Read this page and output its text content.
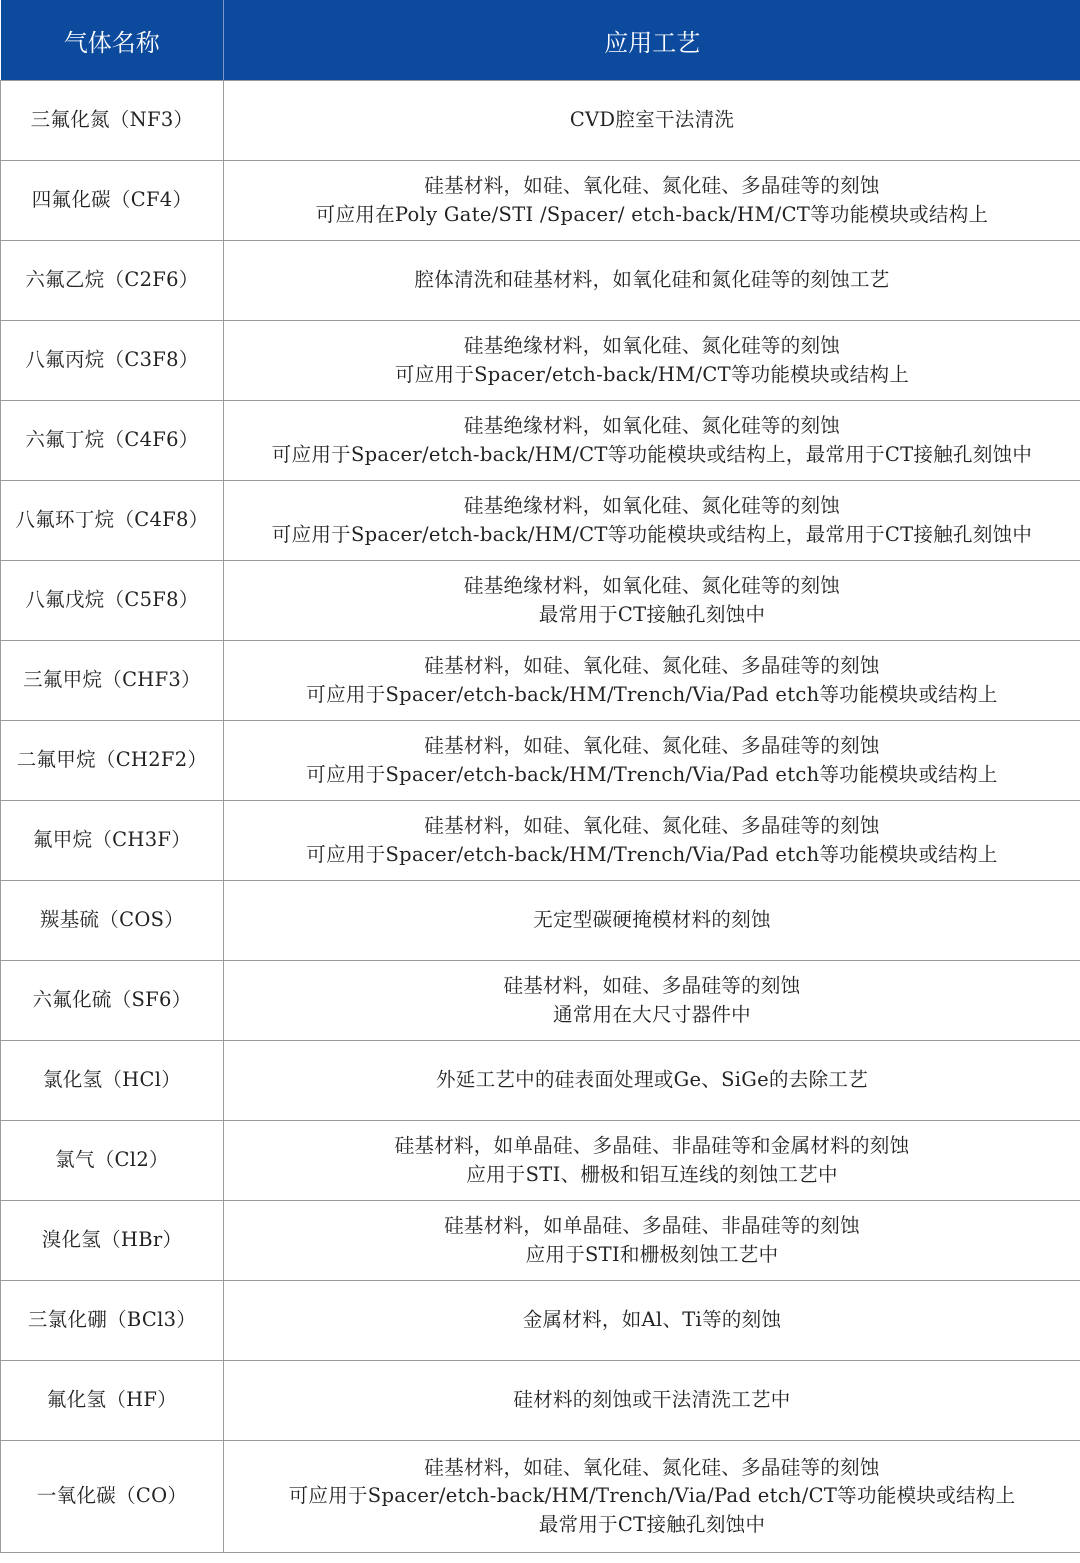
气体名称	应用工艺
三氟化氮（NF3）	CVD腔室干法清洗

四氟化碳（CF4）	硅基材料，如硅、氧化硅、氮化硅、多晶硅等的刻蚀
可应用在Poly Gate/STI /Spacer/ etch-back/HM/CT等功能模块或结构上

六氟乙烷（C2F6）	腔体清洗和硅基材料，如氧化硅和氮化硅等的刻蚀工艺

八氟丙烷（C3F8）	硅基绝缘材料，如氧化硅、氮化硅等的刻蚀
可应用于Spacer/etch-back/HM/CT等功能模块或结构上

六氟丁烷（C4F6）	硅基绝缘材料，如氧化硅、氮化硅等的刻蚀
可应用于Spacer/etch-back/HM/CT等功能模块或结构上，最常用于CT接触孔刻蚀中

八氟环丁烷（C4F8）	硅基绝缘材料，如氧化硅、氮化硅等的刻蚀
可应用于Spacer/etch-back/HM/CT等功能模块或结构上，最常用于CT接触孔刻蚀中

八氟戊烷（C5F8）	硅基绝缘材料，如氧化硅、氮化硅等的刻蚀
最常用于CT接触孔刻蚀中

三氟甲烷（CHF3）	硅基材料，如硅、氧化硅、氮化硅、多晶硅等的刻蚀
可应用于Spacer/etch-back/HM/Trench/Via/Pad etch等功能模块或结构上

二氟甲烷（CH2F2）	硅基材料，如硅、氧化硅、氮化硅、多晶硅等的刻蚀
可应用于Spacer/etch-back/HM/Trench/Via/Pad etch等功能模块或结构上

氟甲烷（CH3F）	硅基材料，如硅、氧化硅、氮化硅、多晶硅等的刻蚀
可应用于Spacer/etch-back/HM/Trench/Via/Pad etch等功能模块或结构上

羰基硫（COS）	无定型碳硬掩模材料的刻蚀

六氟化硫（SF6）	硅基材料，如硅、多晶硅等的刻蚀
通常用在大尺寸器件中

氯化氢（HCl）	外延工艺中的硅表面处理或Ge、SiGe的去除工艺

氯气（Cl2）	硅基材料，如单晶硅、多晶硅、非晶硅等和金属材料的刻蚀
应用于STI、栅极和铝互连线的刻蚀工艺中

溴化氢（HBr）	硅基材料，如单晶硅、多晶硅、非晶硅等的刻蚀
应用于STI和栅极刻蚀工艺中

三氯化硼（BCl3）	金属材料，如Al、Ti等的刻蚀

氟化氢（HF）	硅材料的刻蚀或干法清洗工艺中

一氧化碳（CO）	硅基材料，如硅、氧化硅、氮化硅、多晶硅等的刻蚀
可应用于Spacer/etch-back/HM/Trench/Via/Pad etch/CT等功能模块或结构上
最常用于CT接触孔刻蚀中
